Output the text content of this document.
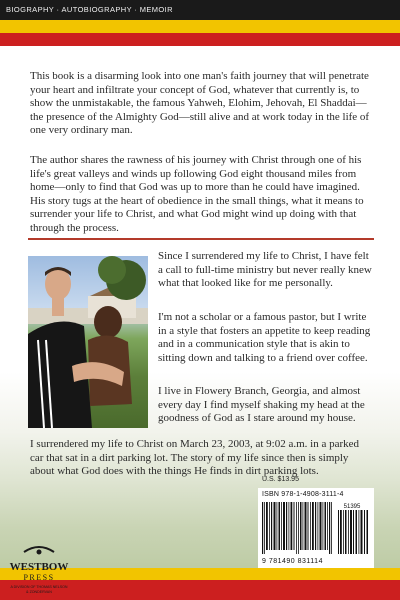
BIOGRAPHY · AUTOBIOGRAPHY · MEMOIR

This book is a disarming look into one man's faith journey that will penetrate your heart and infiltrate your concept of God, whatever that currently is, to show the unmistakable, the famous Yahweh, Elohim, Jehovah, El Shaddai—the presence of the Almighty God—still alive and at work today in the life of one very ordinary man.

The author shares the rawness of his journey with Christ through one of his life's great valleys and winds up following God eight thousand miles from home—only to find that God was up to more than he could have imagined. His story tugs at the heart of obedience in the small things, what it means to surrender your life to Christ, and what God might wind up doing with that through the process.

Since I surrendered my life to Christ, I have felt a call to full-time ministry but never really knew what that looked like for me personally.

I'm not a scholar or a famous pastor, but I write in a style that fosters an appetite to keep reading and in a communication style that is akin to sitting down and talking to a friend over coffee.

I live in Flowery Branch, Georgia, and almost every day I find myself shaking my head at the goodness of God as I stare around my house.

I surrendered my life to Christ on March 23, 2003, at 9:02 a.m. in a parked car that sat in a dirt parking lot. The story of my life since then is simply about what God does with the things He finds in dirt parking lots.

U.S. $13.95

ISBN 978-1-4908-3111-4

51395

9 781490 831114

WESTBOW
PRESS
A DIVISION OF THOMAS NELSON
& ZONDERVAN
